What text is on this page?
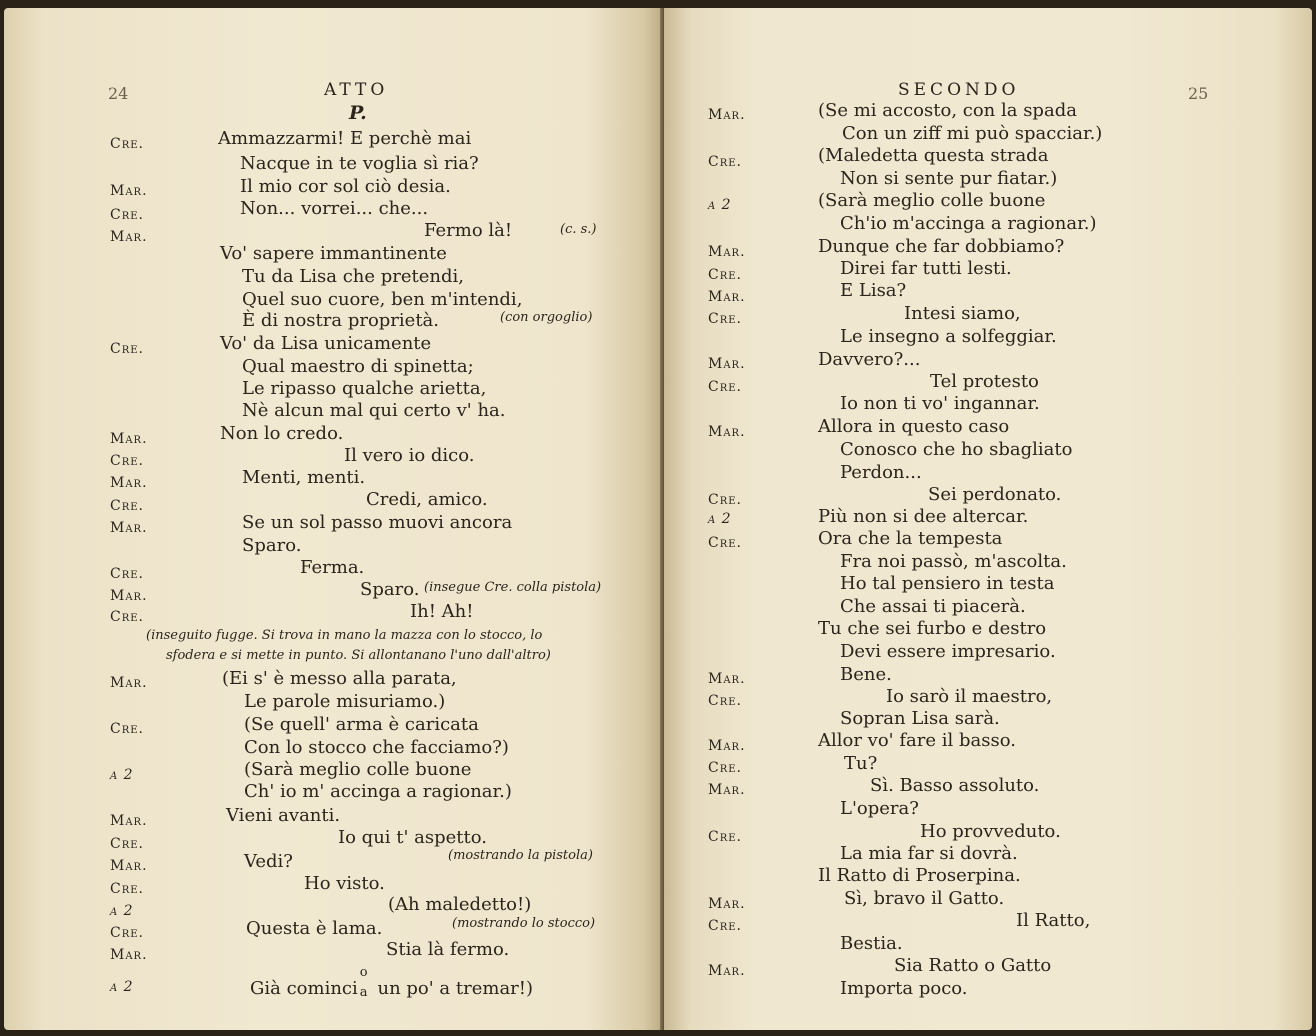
24	ATTO
P.
Cre.	Ammazzarmi! E perchè mai
Nacque in te voglia sì ria?
Mar.	Il mio cor sol ciò desia.
Cre.	Non... vorrei... che...
Mar.	Fermo là!	(c. s.)
Vo' sapere immantinente
Tu da Lisa che pretendi,
Quel suo cuore, ben m'intendi,
È di nostra proprietà.	(con orgoglio)
Cre.	Vo' da Lisa unicamente
Qual maestro di spinetta;
Le ripasso qualche arietta,
Nè alcun mal qui certo v' ha.
Mar.	Non lo credo.
Cre.	Il vero io dico.
Mar.	Menti, menti.
Cre.	Credi, amico.
Mar.	Se un sol passo muovi ancora
Sparo.
Cre.	Ferma.
Mar.	Sparo. (insegue Cre. colla pistola)
Cre.	Ih! Ah!
(inseguito fugge. Si trova in mano la mazza con lo stocco, lo
sfodera e si mette in punto. Si allontanano l'uno dall'altro)
Mar.	(Ei s' è messo alla parata,
Le parole misuriamo.)
Cre.	(Se quell' arma è caricata
Con lo stocco che facciamo?)
a 2	(Sarà meglio colle buone
Ch' io m' accinga a ragionar.)
Mar.	Vieni avanti.
Cre.	Io qui t' aspetto.
Mar.	Vedi?	(mostrando la pistola)
Cre.	Ho visto.
a 2	(Ah maledetto!)
Cre.	Questa è lama.	(mostrando lo stocco)
Mar.	Stia là fermo.
a 2	Già cominci
o
a un po' a tremar!)
SECONDO	25
Mar.	(Se mi accosto, con la spada
Con un ziff mi può spacciar.)
Cre.	(Maledetta questa strada
Non si sente pur fiatar.)
a 2	(Sarà meglio colle buone
Ch'io m'accinga a ragionar.)
Mar.	Dunque che far dobbiamo?
Cre.	Direi far tutti lesti.
Mar.	E Lisa?
Cre.	Intesi siamo,
Le insegno a solfeggiar.
Mar.	Davvero?...
Cre.	Tel protesto
Io non ti vo' ingannar.
Mar.	Allora in questo caso
Conosco che ho sbagliato
Perdon...
Cre.	Sei perdonato.
a 2	Più non si dee altercar.
Cre.	Ora che la tempesta
Fra noi passò, m'ascolta.
Ho tal pensiero in testa
Che assai ti piacerà.
Tu che sei furbo e destro
Devi essere impresario.
Mar.	Bene.
Cre.	Io sarò il maestro,
Sopran Lisa sarà.
Mar.	Allor vo' fare il basso.
Cre.	Tu?
Mar.	Sì. Basso assoluto.
L'opera?
Cre.	Ho provveduto.
La mia far si dovrà.
Il Ratto di Proserpina.
Mar.	Sì, bravo il Gatto.
Cre.	Il Ratto,
Bestia.
Mar.	Sia Ratto o Gatto
Importa poco.
